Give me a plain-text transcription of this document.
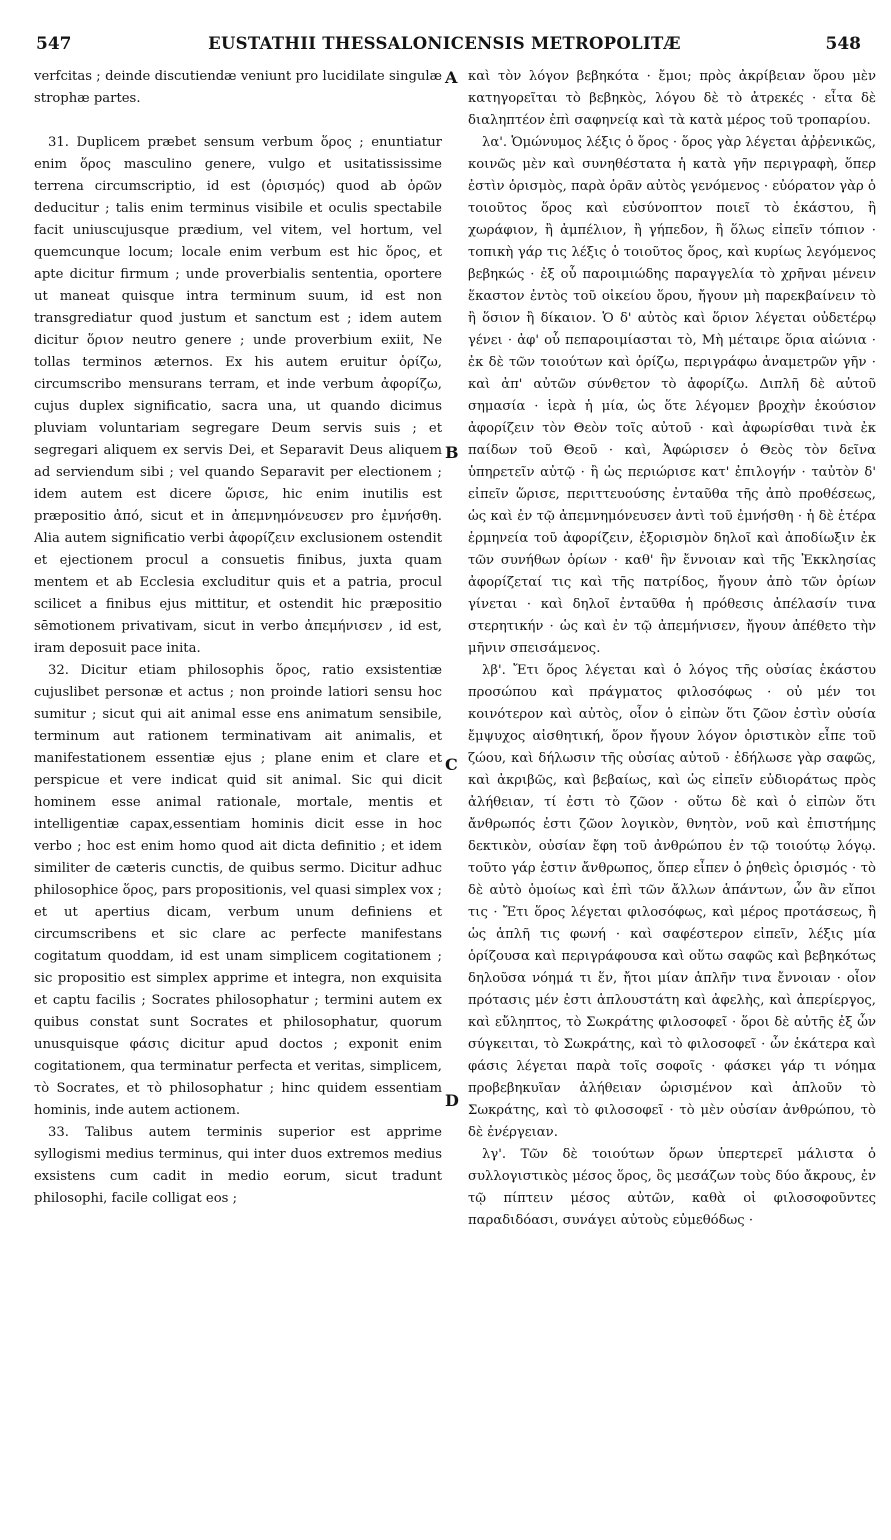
547	EUSTATHII THESSALONICENSIS METROPOLITÆ	548
A
B
C
D

verfcitas ; deinde discutiendæ veniunt pro lucidilate singulæ strophæ partes.

31. Duplicem præbet sensum verbum ὅρος ; enuntiatur enim ὅρος masculino genere, vulgo et usitatississime terrena circumscriptio, id est (ὁρισμός) quod ab ὀρῶν deducitur ; talis enim terminus visibile et oculis spectabile facit uniuscujusque prædium, vel vitem, vel hortum, vel quemcunque locum; locale enim verbum est hic ὅρος, et apte dicitur firmum ; unde proverbialis sententia, oportere ut maneat quisque intra terminum suum, id est non transgrediatur quod justum et sanctum est ; idem autem dicitur ὅριον neutro genere ; unde proverbium exiit, Ne tollas terminos æternos. Ex his autem eruitur ὁρίζω, circumscribo mensurans terram, et inde verbum ἀφορίζω, cujus duplex significatio, sacra una, ut quando dicimus pluviam voluntariam segregare Deum servis suis ; et segregari aliquem ex servis Dei, et Separavit Deus aliquem ad serviendum sibi ; vel quando Separavit per electionem ; idem autem est dicere ὥρισε, hic enim inutilis est præpositio ἀπό, sicut et in ἀπεμνημόνευσεν pro ἐμνήσθη. Alia autem significatio verbi ἀφορίζειν exclusionem ostendit et ejectionem procul a consuetis finibus, juxta quam mentem et ab Ecclesia excluditur quis et a patria, procul scilicet a finibus ejus mittitur, et ostendit hic præpositio sēmotionem privativam, sicut in verbo ἀπεμήνισεν , id est, iram deposuit pace inita.

32. Dicitur etiam philosophis ὅρος, ratio exsistentiæ cujuslibet personæ et actus ; non proinde latiori sensu hoc sumitur ; sicut qui ait animal esse ens animatum sensibile, terminum aut rationem terminativam ait animalis, et manifestationem essentiæ ejus ; plane enim et clare et perspicue et vere indicat quid sit animal. Sic qui dicit hominem esse animal rationale, mortale, mentis et intelligentiæ capax,essentiam hominis dicit esse in hoc verbo ; hoc est enim homo quod ait dicta definitio ; et idem similiter de cæteris cunctis, de quibus sermo. Dicitur adhuc philosophice ὅρος, pars propositionis, vel quasi simplex vox ; et ut apertius dicam, verbum unum definiens et circumscribens et sic clare ac perfecte manifestans cogitatum quoddam, id est unam simplicem cogitationem ; sic propositio est simplex apprime et integra, non exquisita et captu facilis ; Socrates philosophatur ; termini autem ex quibus constat sunt Socrates et philosophatur, quorum unusquisque φάσις dicitur apud doctos ; exponit enim cogitationem, qua terminatur perfecta et veritas, simplicem, τὸ Socrates, et τὸ philosophatur ; hinc quidem essentiam hominis, inde autem actionem.

33. Talibus autem terminis superior est apprime syllogismi medius terminus, qui inter duos extremos medius exsistens cum cadit in medio eorum, sicut tradunt philosophi, facile colligat eos ;

καὶ τὸν λόγον βεβηκότα · ἔμοι; πρὸς ἀκρίβειαν ὅρου μὲν κατηγορεῖται τὸ βεβηκὸς, λόγου δὲ τὸ ἀτρεκές · εἶτα δὲ διαληπτέον ἐπὶ σαφηνείᾳ καὶ τὰ κατὰ μέρος τοῦ τροπαρίου.

λα'. Ὁμώνυμος λέξις ὁ ὅρος · ὅρος γὰρ λέγεται ἀῤῥενικῶς, κοινῶς μὲν καὶ συνηθέστατα ἡ κατὰ γῆν περιγραφὴ, ὅπερ ἐστὶν ὁρισμὸς, παρὰ ὁρᾶν αὐτὸς γενόμενος · εὐόρατον γὰρ ὁ τοιοῦτος ὅρος καὶ εὐσύνοπτον ποιεῖ τὸ ἑκάστου, ἢ χωράφιον, ἢ ἀμπέλιον, ἢ γήπεδον, ἢ ὅλως εἰπεῖν τόπιον · τοπικὴ γάρ τις λέξις ὁ τοιοῦτος ὅρος, καὶ κυρίως λεγόμενος βεβηκώς · ἐξ οὗ παροιμιώδης παραγγελία τὸ χρῆναι μένειν ἕκαστον ἐντὸς τοῦ οἰκείου ὅρου, ἤγουν μὴ παρεκβαίνειν τὸ ἢ ὅσιον ἢ δίκαιον. Ὁ δ' αὐτὸς καὶ ὅριον λέγεται οὐδετέρῳ γένει · ἀφ' οὗ πεπαροιμίασται τὸ, Μὴ μέταιρε ὅρια αἰώνια · ἐκ δὲ τῶν τοιούτων καὶ ὁρίζω, περιγράφω ἀναμετρῶν γῆν · καὶ ἀπ' αὐτῶν σύνθετον τὸ ἀφορίζω. Διπλῆ δὲ αὐτοῦ σημασία · ἱερὰ ἡ μία, ὡς ὅτε λέγομεν βροχὴν ἑκούσιον ἀφορίζειν τὸν Θεὸν τοῖς αὐτοῦ · καὶ ἀφωρίσθαι τινὰ ἐκ παίδων τοῦ Θεοῦ · καὶ, Ἀφώρισεν ὁ Θεὸς τὸν δεῖνα ὑπηρετεῖν αὐτῷ · ἢ ὡς περιώρισε κατ' ἐπιλογήν · ταὐτὸν δ' εἰπεῖν ὥρισε, περιττευούσης ἐνταῦθα τῆς ἀπὸ προθέσεως, ὡς καὶ ἐν τῷ ἀπεμνημόνευσεν ἀντὶ τοῦ ἐμνήσθη · ἡ δὲ ἑτέρα ἑρμηνεία τοῦ ἀφορίζειν, ἐξορισμὸν δηλοῖ καὶ ἀποδίωξιν ἐκ τῶν συνήθων ὁρίων · καθ' ἣν ἔννοιαν καὶ τῆς Ἐκκλησίας ἀφορίζεταί τις καὶ τῆς πατρίδος, ἤγουν ἀπὸ τῶν ὁρίων γίνεται · καὶ δηλοῖ ἐνταῦθα ἡ πρόθεσις ἀπέλασίν τινα στερητικήν · ὡς καὶ ἐν τῷ ἀπεμήνισεν, ἤγουν ἀπέθετο τὴν μῆνιν σπεισάμενος.

λβ'. Ἔτι ὅρος λέγεται καὶ ὁ λόγος τῆς οὐσίας ἑκάστου προσώπου καὶ πράγματος φιλοσόφως · οὐ μέν τοι κοινότερον καὶ αὐτὸς, οἷον ὁ εἰπὼν ὅτι ζῶον ἐστὶν οὐσία ἔμψυχος αἰσθητική, ὅρον ἤγουν λόγον ὁριστικὸν εἶπε τοῦ ζώου, καὶ δήλωσιν τῆς οὐσίας αὐτοῦ · ἐδήλωσε γὰρ σαφῶς, καὶ ἀκριβῶς, καὶ βεβαίως, καὶ ὡς εἰπεῖν εὐδιοράτως πρὸς ἀλήθειαν, τί ἐστι τὸ ζῶον · οὕτω δὲ καὶ ὁ εἰπὼν ὅτι ἄνθρωπός ἐστι ζῶον λογικὸν, θνητὸν, νοῦ καὶ ἐπιστήμης δεκτικὸν, οὐσίαν ἔφη τοῦ ἀνθρώπου ἐν τῷ τοιούτῳ λόγῳ. τοῦτο γάρ ἐστιν ἄνθρωπος, ὅπερ εἶπεν ὁ ῥηθεὶς ὁρισμός · τὸ δὲ αὐτὸ ὁμοίως καὶ ἐπὶ τῶν ἄλλων ἁπάντων, ὧν ἂν εἴποι τις · Ἔτι ὅρος λέγεται φιλοσόφως, καὶ μέρος προτάσεως, ἢ ὡς ἁπλῆ τις φωνή · καὶ σαφέστερον εἰπεῖν, λέξις μία ὁρίζουσα καὶ περιγράφουσα καὶ οὕτω σαφῶς καὶ βεβηκότως δηλοῦσα νόημά τι ἕν, ἤτοι μίαν ἁπλῆν τινα ἔννοιαν · οἷον πρότασις μέν ἐστι ἁπλουστάτη καὶ ἀφελὴς, καὶ ἀπερίεργος, καὶ εὔληπτος, τὸ Σωκράτης φιλοσοφεῖ · ὅροι δὲ αὐτῆς ἐξ ὧν σύγκειται, τὸ Σωκράτης, καὶ τὸ φιλοσοφεῖ · ὧν ἑκάτερα καὶ φάσις λέγεται παρὰ τοῖς σοφοῖς · φάσκει γάρ τι νόημα προβεβηκυῖαν ἀλήθειαν ὡρισμένον καὶ ἁπλοῦν τὸ Σωκράτης, καὶ τὸ φιλοσοφεῖ · τὸ μὲν οὐσίαν ἀνθρώπου, τὸ δὲ ἐνέργειαν.

λγ'. Τῶν δὲ τοιούτων ὅρων ὑπερτερεῖ μάλιστα ὁ συλλογιστικὸς μέσος ὅρος, ὃς μεσάζων τοὺς δύο ἄκρους, ἐν τῷ πίπτειν μέσος αὐτῶν, καθὰ οἱ φιλοσοφοῦντες παραδιδόασι, συνάγει αὐτοὺς εὐμεθόδως ·
